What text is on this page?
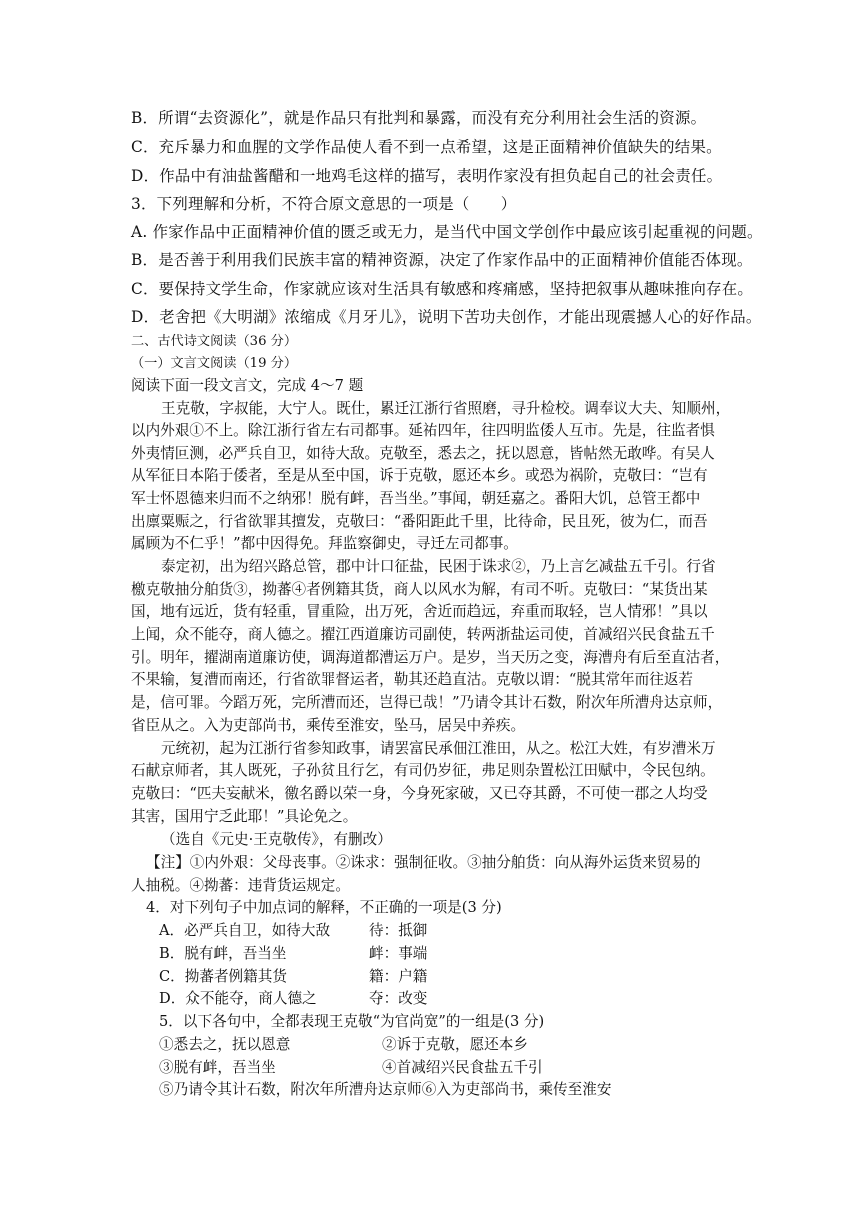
B．所谓“去资源化”，就是作品只有批判和暴露，而没有充分利用社会生活的资源。
C．充斥暴力和血腥的文学作品使人看不到一点希望，这是正面精神价值缺失的结果。
D．作品中有油盐酱醋和一地鸡毛这样的描写，表明作家没有担负起自己的社会责任。
3．下列理解和分析，不符合原文意思的一项是（　　）
A. 作家作品中正面精神价值的匮乏或无力，是当代中国文学创作中最应该引起重视的问题。
B．是否善于利用我们民族丰富的精神资源，决定了作家作品中的正面精神价值能否体现。
C．要保持文学生命，作家就应该对生活具有敏感和疼痛感，坚持把叙事从趣味推向存在。
D．老舍把《大明湖》浓缩成《月牙儿》，说明下苦功夫创作，才能出现震撼人心的好作品。
二、古代诗文阅读（36 分）
（一）文言文阅读（19 分）
阅读下面一段文言文，完成 4～7 题
王克敬，字叔能，大宁人。既仕，累迁江浙行省照磨，寻升检校。调奉议大夫、知顺州，
以内外艰①不上。除江浙行省左右司都事。延祐四年，往四明监倭人互市。先是，往监者惧
外夷情叵测，必严兵自卫，如待大敌。克敬至，悉去之，抚以恩意，皆帖然无敢哗。有吴人
从军征日本陷于倭者，至是从至中国，诉于克敬，愿还本乡。或恐为祸阶，克敬曰：“岂有
军士怀恩德来归而不之纳邪！脱有衅，吾当坐。”事闻，朝廷嘉之。番阳大饥，总管王都中
出廪粟赈之，行省欲罪其擅发，克敬曰：“番阳距此千里，比待命，民且死，彼为仁，而吾
属顾为不仁乎！”都中因得免。拜监察御史，寻迁左司都事。
泰定初，出为绍兴路总管，郡中计口征盐，民困于诛求②，乃上言乞减盐五千引。行省
檄克敬抽分舶货③，拗蕃④者例籍其货，商人以风水为解，有司不听。克敬曰：“某货出某
国，地有远近，货有轻重，冒重险，出万死，舍近而趋远，弃重而取轻，岂人情邪！”具以
上闻，众不能夺，商人德之。擢江西道廉访司副使，转两浙盐运司使，首减绍兴民食盐五千
引。明年，擢湖南道廉访使，调海道都漕运万户。是岁，当天历之变，海漕舟有后至直沽者，
不果输，复漕而南还，行省欲罪督运者，勒其还趋直沽。克敬以谓：“脱其常年而往返若
是，信可罪。今蹈万死，完所漕而还，岂得已哉！”乃请令其计石数，附次年所漕舟达京师，
省臣从之。入为吏部尚书，乘传至淮安，坠马，居吴中养疾。
元统初，起为江浙行省参知政事，请罢富民承佃江淮田，从之。松江大姓，有岁漕米万
石献京师者，其人既死，子孙贫且行乞，有司仍岁征，弗足则杂置松江田赋中，令民包纳。
克敬曰：“匹夫妄献米，徼名爵以荣一身，今身死家破，又已夺其爵，不可使一郡之人均受
其害，国用宁乏此耶！”具论免之。
（选自《元史·王克敬传》，有删改）
【注】①内外艰：父母丧事。②诛求：强制征收。③抽分舶货：向从海外运货来贸易的
人抽税。④拗蕃：违背货运规定。
4．对下列句子中加点词的解释，不正确的一项是(3 分)
A．必严兵自卫，如待大敌	待：抵御
B．脱有衅，吾当坐	衅：事端
C．拗蕃者例籍其货	籍：户籍
D．众不能夺，商人德之	夺：改变
5．以下各句中，全都表现王克敬“为官尚宽”的一组是(3 分)
①悉去之，抚以恩意	②诉于克敬，愿还本乡
③脱有衅，吾当坐	④首减绍兴民食盐五千引
⑤乃请令其计石数，附次年所漕舟达京师⑥入为吏部尚书，乘传至淮安
